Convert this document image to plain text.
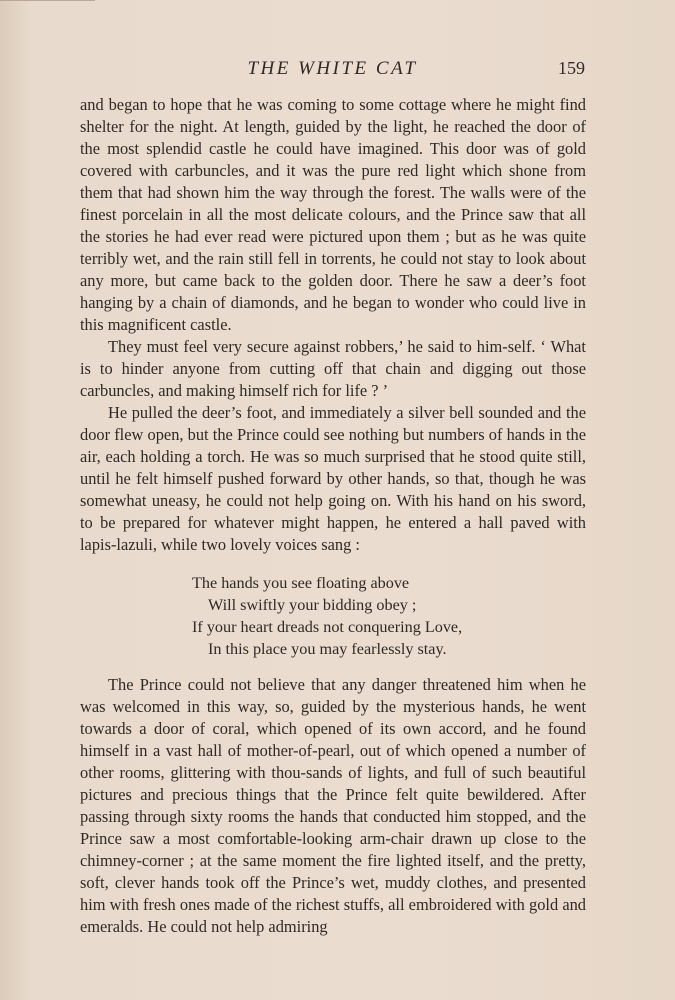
THE WHITE CAT	159

and began to hope that he was coming to some cottage where he might find shelter for the night. At length, guided by the light, he reached the door of the most splendid castle he could have imagined. This door was of gold covered with carbuncles, and it was the pure red light which shone from them that had shown him the way through the forest. The walls were of the finest porcelain in all the most delicate colours, and the Prince saw that all the stories he had ever read were pictured upon them ; but as he was quite terribly wet, and the rain still fell in torrents, he could not stay to look about any more, but came back to the golden door. There he saw a deer’s foot hanging by a chain of diamonds, and he began to wonder who could live in this magnificent castle.

They must feel very secure against robbers,’ he said to him-self. ‘ What is to hinder anyone from cutting off that chain and digging out those carbuncles, and making himself rich for life ? ’

He pulled the deer’s foot, and immediately a silver bell sounded and the door flew open, but the Prince could see nothing but numbers of hands in the air, each holding a torch. He was so much surprised that he stood quite still, until he felt himself pushed forward by other hands, so that, though he was somewhat uneasy, he could not help going on. With his hand on his sword, to be prepared for whatever might happen, he entered a hall paved with lapis-lazuli, while two lovely voices sang :

The hands you see floating above
Will swiftly your bidding obey ;
If your heart dreads not conquering Love,
In this place you may fearlessly stay.

The Prince could not believe that any danger threatened him when he was welcomed in this way, so, guided by the mysterious hands, he went towards a door of coral, which opened of its own accord, and he found himself in a vast hall of mother-of-pearl, out of which opened a number of other rooms, glittering with thou-sands of lights, and full of such beautiful pictures and precious things that the Prince felt quite bewildered. After passing through sixty rooms the hands that conducted him stopped, and the Prince saw a most comfortable-looking arm-chair drawn up close to the chimney-corner ; at the same moment the fire lighted itself, and the pretty, soft, clever hands took off the Prince’s wet, muddy clothes, and presented him with fresh ones made of the richest stuffs, all embroidered with gold and emeralds. He could not help admiring
